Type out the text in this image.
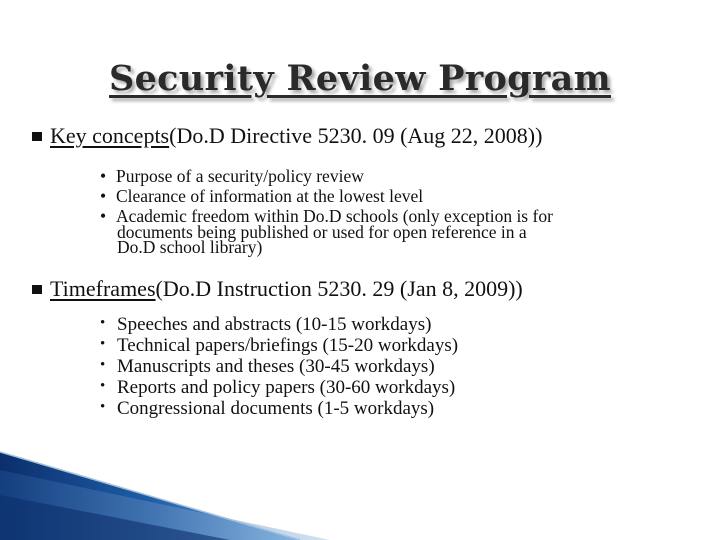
Security Review Program
Key concepts (Do.D Directive 5230. 09 (Aug 22, 2008))
• Purpose of a security/policy review
• Clearance of information at the lowest level
• Academic freedom within Do.D schools (only exception is for
documents being published or used for open reference in a
Do.D school library)
Timeframes (Do.D Instruction 5230. 29 (Jan 8, 2009))
• Speeches and abstracts (10-15 workdays)
• Technical papers/briefings (15-20 workdays)
• Manuscripts and theses (30-45 workdays)
• Reports and policy papers (30-60 workdays)
• Congressional documents (1-5 workdays)
